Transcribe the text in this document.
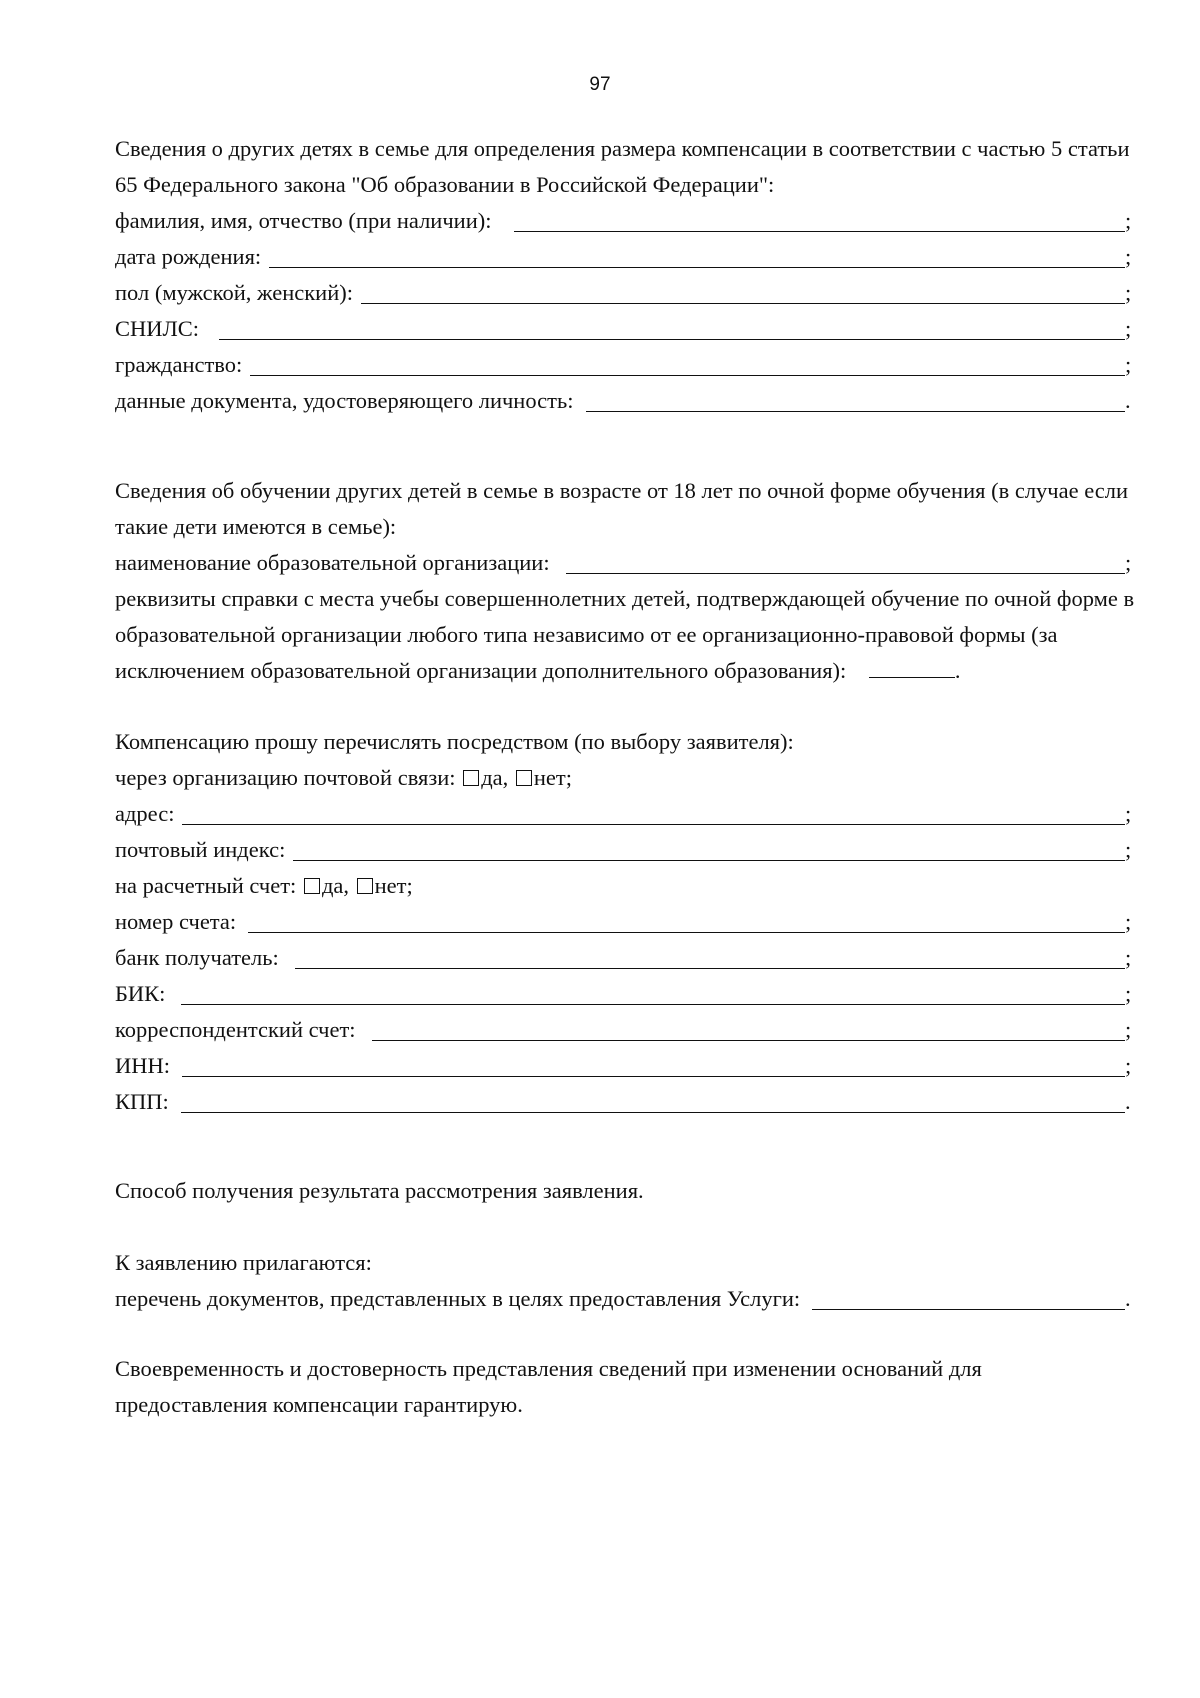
97

Сведения о других детях в семье для определения размера компенсации в соответствии с частью 5 статьи 65 Федерального закона "Об образовании в Российской Федерации":

фамилия, имя, отчество (при наличии):	;
дата рождения:	;
пол (мужской, женский):	;
СНИЛС:	;
гражданство:	;
данные документа, удостоверяющего личность:	.

Сведения об обучении других детей в семье в возрасте от 18 лет по очной форме обучения (в случае если такие дети имеются в семье):

наименование образовательной организации:	;

реквизиты справки с места учебы совершеннолетних детей, подтверждающей обучение по очной форме в образовательной организации любого типа независимо от ее организационно-правовой формы (за исключением образовательной организации дополнительного образования):	.

Компенсацию прошу перечислять посредством (по выбору заявителя):

через организацию почтовой связи: да, нет;

адрес:	;
почтовый индекс:	;

на расчетный счет: да, нет;

номер счета:	;
банк получатель:	;
БИК:	;
корреспондентский счет:	;
ИНН:	;
КПП:	.

Способ получения результата рассмотрения заявления.

К заявлению прилагаются:

перечень документов, представленных в целях предоставления Услуги:	.

Своевременность и достоверность представления сведений при изменении оснований для предоставления компенсации гарантирую.
